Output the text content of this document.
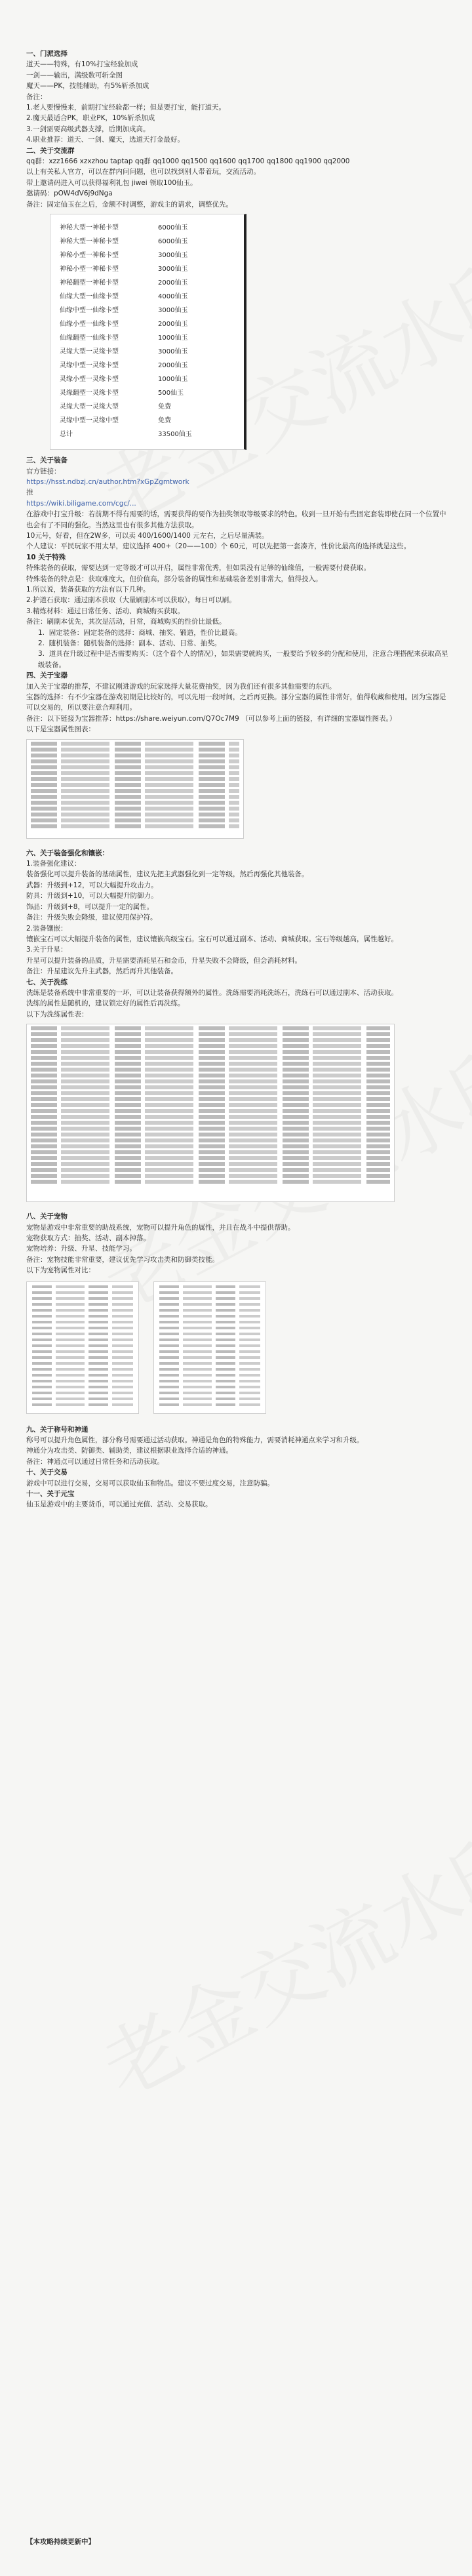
一、门派选择

道天——特殊，有10%打宝经验加成

一剑——输出，满级数可斩全图

魔天——PK，技能辅助，有5%斩杀加成

备注：

1.老人要慢慢来，前期打宝经验都一样；但是要打宝，能打道天。

2.魔天最适合PK，职业PK，10%斩杀加成

3.一剑需要高级武器支撑，后期加成高。

4.职业推荐：道天、一剑、魔天，选道天打金最好。

二、关于交流群

qq群：xzz1666 xzxzhou taptap qq群 qq1000 qq1500 qq1600 qq1700 qq1800 qq1900 qq2000

以上有关私人官方，可以在群内问问题，也可以找到别人带着玩，交流活动。

带上邀请码进入可以获得福利礼包 jiwei 领取100仙玉。

邀请码：pOW4dV6j9dNga

备注：固定仙玉在之后，金额不时调整，游戏主的请求，调整优先。

神秘大型一神秘卡型	6000仙玉
神秘大型一神秘卡型	6000仙玉
神秘小型一神秘卡型	3000仙玉
神秘小型一神秘卡型	3000仙玉
神秘翻型一神秘卡型	2000仙玉
仙缘大型一仙缘卡型	4000仙玉
仙缘中型一仙缘卡型	3000仙玉
仙缘小型一仙缘卡型	2000仙玉
仙缘翻型一仙缘卡型	1000仙玉
灵缘大型一灵缘卡型	3000仙玉
灵缘中型一灵缘卡型	2000仙玉
灵缘小型一灵缘卡型	1000仙玉
灵缘翻型一灵缘卡型	500仙玉
灵缘大型一灵缘大型	免费
灵缘中型一灵缘中型	免费
总计	33500仙玉

三、关于装备

官方链接：

https://hsst.ndbzj.cn/author.htm?xGpZgmtwork

推

https://wiki.biligame.com/cgc/...

在游戏中打宝升级：若前期不得有需要的话，需要获得的要作为抽奖领取等级要求的特色。收到一旦开始有些固定套装即使在同一个位置中也会有了不同的强化。当然这里也有很多其他方法获取。

10元号，好看，但在2W多，可以卖 400/1600/1400 元左右，之后尽量满装。

个人建议：平民玩家不用太早，建议选择 400+（20——100）个 60元，可以先把第一套凑齐，性价比最高的选择就是这些。

10 关于特殊

特殊装备的获取，需要达到一定等级才可以开启，属性非常优秀，但如果没有足够的仙缘值，一般需要付费获取。

特殊装备的特点是：获取难度大，但价值高，部分装备的属性和基础装备差别非常大，值得投入。

1.所以说，装备获取的方法有以下几种。

2.护道石获取：通过副本获取（大量刷副本可以获取），每日可以刷。

3.精炼材料：通过日常任务、活动、商城购买获取。

备注：刷副本优先，其次是活动，日常，商城购买的性价比最低。

1.  固定装备：固定装备的选择：商城、抽奖、锻造，性价比最高。

2.  随机装备：随机装备的选择：副本、活动、日常、抽奖。

3.  道具在升级过程中是否需要购买：（这个看个人的情况），如果需要就购买，一般要给予较多的分配和使用，注意合理搭配来获取高星级装备。

四、关于宝器

加入关于宝器的推荐，不建议刚进游戏的玩家选择大量花费抽奖，因为我们还有很多其他需要的东西。

宝器的选择：有不少宝器在游戏初期是比较好的，可以先用一段时间，之后再更换。部分宝器的属性非常好，值得收藏和使用。因为宝器是可以交易的，所以要注意合理利用。

备注：以下链接为宝器推荐：https://share.weiyun.com/Q7Oc7M9 （可以参考上面的链接，有详细的宝器属性图表。）

以下是宝器属性图表：

六、关于装备强化和镶嵌：

1.装备强化建议：

装备强化可以提升装备的基础属性，建议先把主武器强化到一定等级，然后再强化其他装备。

武器：升级到+12，可以大幅提升攻击力。

防具：升级到+10，可以大幅提升防御力。

饰品：升级到+8，可以提升一定的属性。

备注：升级失败会降级，建议使用保护符。

2.装备镶嵌：

镶嵌宝石可以大幅提升装备的属性，建议镶嵌高级宝石。宝石可以通过副本、活动、商城获取。宝石等级越高，属性越好。

3.关于升星：

升星可以提升装备的品质，升星需要消耗星石和金币，升星失败不会降级，但会消耗材料。

备注：升星建议先升主武器，然后再升其他装备。

七、关于洗练

洗练是装备系统中非常重要的一环，可以让装备获得额外的属性。洗练需要消耗洗练石，洗练石可以通过副本、活动获取。

洗练的属性是随机的，建议锁定好的属性后再洗练。

以下为洗练属性表：

八、关于宠物

宠物是游戏中非常重要的助战系统，宠物可以提升角色的属性，并且在战斗中提供帮助。

宠物获取方式：抽奖、活动、副本掉落。

宠物培养：升级、升星、技能学习。

备注：宠物技能非常重要，建议优先学习攻击类和防御类技能。

以下为宠物属性对比：

九、关于称号和神通

称号可以提升角色属性，部分称号需要通过活动获取。神通是角色的特殊能力，需要消耗神通点来学习和升级。

神通分为攻击类、防御类、辅助类，建议根据职业选择合适的神通。

备注：神通点可以通过日常任务和活动获取。

十、关于交易

游戏中可以进行交易，交易可以获取仙玉和物品。建议不要过度交易，注意防骗。

十一、关于元宝

仙玉是游戏中的主要货币，可以通过充值、活动、交易获取。

【本攻略持续更新中】
